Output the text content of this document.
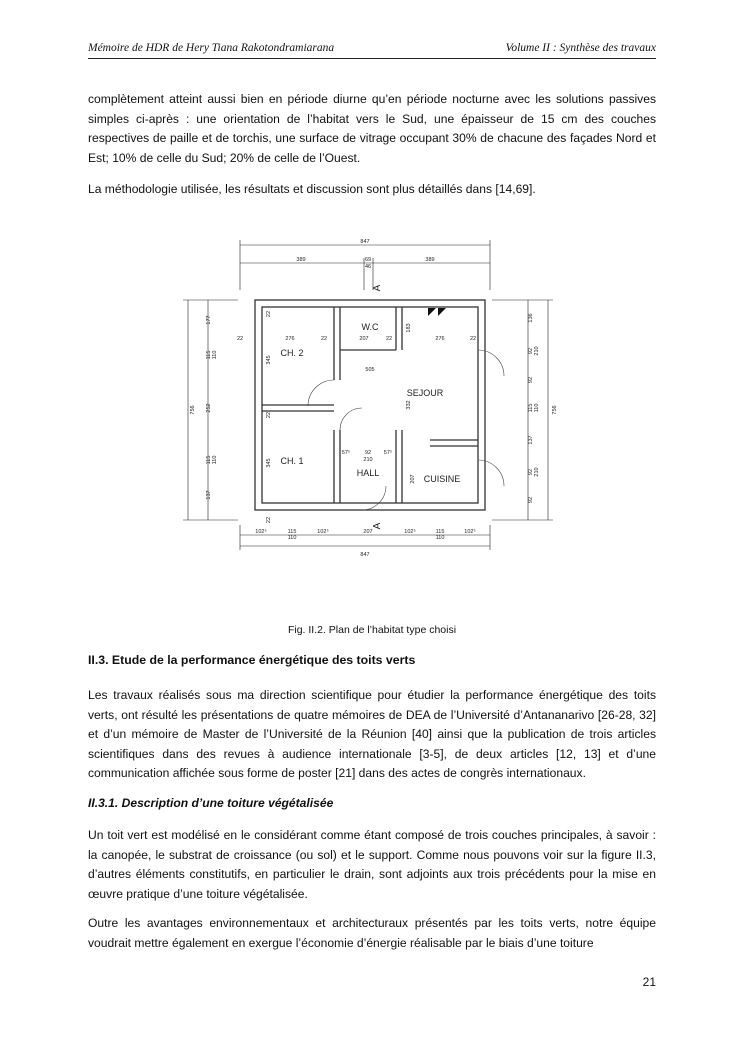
Mémoire de HDR de Hery Tiana Rakotondramiarana	Volume II : Synthèse des travaux

complètement atteint aussi bien en période diurne qu’en période nocturne avec les solutions passives simples ci-après : une orientation de l’habitat vers le Sud, une épaisseur de 15 cm des couches respectives de paille et de torchis, une surface de vitrage occupant 30% de chacune des façades Nord et Est; 10% de celle du Sud; 20% de celle de l’Ouest.

La méthodologie utilisée, les résultats et discussion sont plus détaillés dans [14,69].

W.C
CH. 2
SEJOUR
CH. 1
HALL
CUISINE
A
A
847
389	69
46
389
847
102⁵	115
110
102⁵	207	102⁵	115
110
102⁵
756
177
115 110
252
115 110
137
756
136
92 210
92
115 110
137
92 210
92
22
22
276	22	207	22	276	22
345
345
22
22
183
505
332
57⁵	92
210
57⁵
207

Fig. II.2. Plan de l’habitat type choisi

II.3. Etude de la performance énergétique des toits verts

Les travaux réalisés sous ma direction scientifique pour étudier la performance énergétique des toits verts, ont résulté les présentations de quatre mémoires de DEA de l’Université d’Antananarivo [26-28, 32] et d’un mémoire de Master de l’Université de la Réunion [40] ainsi que la publication de trois articles scientifiques dans des revues à audience internationale [3-5], de deux articles [12, 13] et d’une communication affichée sous forme de poster [21] dans des actes de congrès internationaux.

II.3.1. Description d’une toiture végétalisée

Un toit vert est modélisé en le considérant comme étant composé de trois couches principales, à savoir : la canopée, le substrat de croissance (ou sol) et le support. Comme nous pouvons voir sur la figure II.3, d’autres éléments constitutifs, en particulier le drain, sont adjoints aux trois précédents pour la mise en œuvre pratique d’une toiture végétalisée.

Outre les avantages environnementaux et architecturaux présentés par les toits verts, notre équipe voudrait mettre également en exergue l’économie d’énergie réalisable par le biais d’une toiture

21
